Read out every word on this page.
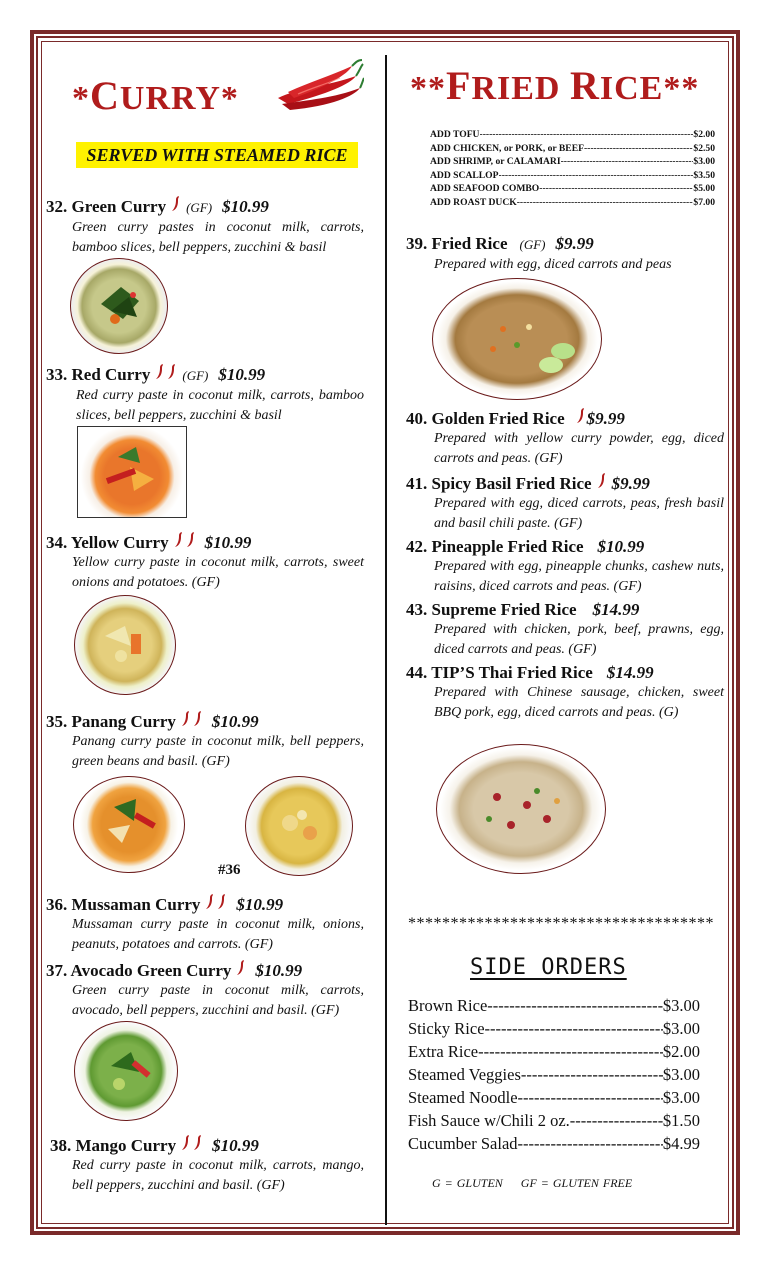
*CURRY*
SERVED WITH STEAMED RICE
32. Green Curry (GF) $10.99
Green curry pastes in coconut milk, carrots, bamboo slices, bell peppers, zucchini & basil
33. Red Curry (GF) $10.99
Red curry paste in coconut milk, carrots, bamboo slices, bell peppers, zucchini & basil
34. Yellow Curry $10.99
Yellow curry paste in coconut milk, carrots, sweet onions and potatoes. (GF)
35. Panang Curry $10.99
Panang curry paste in coconut milk, bell peppers, green beans and basil. (GF)
36. Mussaman Curry $10.99
Mussaman curry paste in coconut milk, onions, peanuts, potatoes and carrots. (GF)
37. Avocado Green Curry $10.99
Green curry paste in coconut milk, carrots, avocado, bell peppers, zucchini and basil. (GF)
38. Mango Curry $10.99
Red curry paste in coconut milk, carrots, mango, bell peppers, zucchini and basil. (GF)
#36
**FRIED RICE**
ADD TOFU -----	$2.00
ADD CHICKEN, or PORK, or BEEF -----	$2.50
ADD SHRIMP, or CALAMARI -----	$3.00
ADD SCALLOP -----	$3.50
ADD SEAFOOD COMBO -----	$5.00
ADD ROAST DUCK -----	$7.00
39. Fried Rice (GF) $9.99
Prepared with egg, diced carrots and peas
40. Golden Fried Rice $9.99
Prepared with yellow curry powder, egg, diced carrots and peas. (GF)
41. Spicy Basil Fried Rice $9.99
Prepared with egg, diced carrots, peas, fresh basil and basil chili paste. (GF)
42. Pineapple Fried Rice $10.99
Prepared with egg, pineapple chunks, cashew nuts, raisins, diced carrots and peas. (GF)
43. Supreme Fried Rice $14.99
Prepared with chicken, pork, beef, prawns, egg, diced carrots and peas. (GF)
44. TIP’S Thai Fried Rice $14.99
Prepared with Chinese sausage, chicken, sweet BBQ pork, egg, diced carrots and peas. (G)
************************************
SIDE ORDERS
Brown Rice -----	$3.00
Sticky Rice -----	$3.00
Extra Rice -----	$2.00
Steamed Veggies -----	$3.00
Steamed Noodle -----	$3.00
Fish Sauce w/Chili 2 oz. -----	$1.50
Cucumber Salad -----	$4.99
G = GLUTEN GF = GLUTEN FREE
